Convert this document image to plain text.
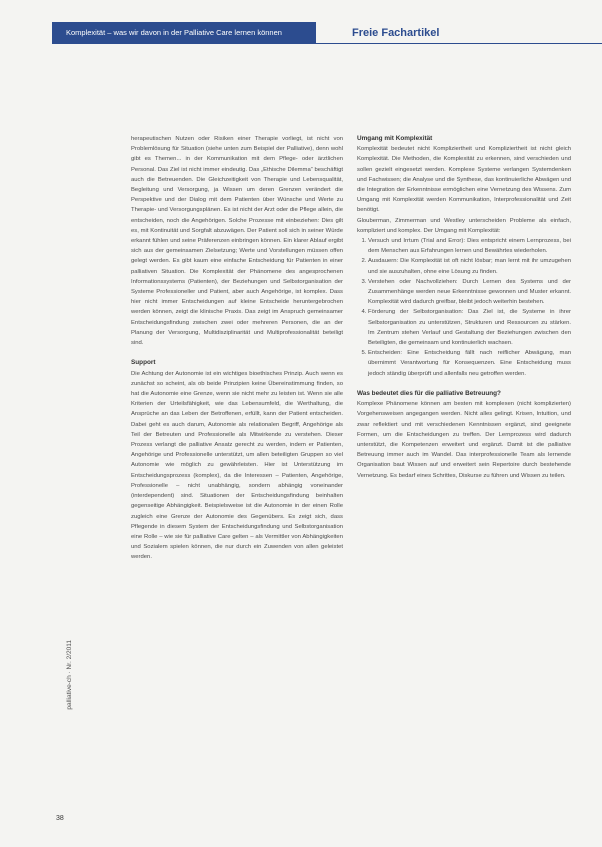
Komplexität – was wir davon in der Palliative Care lernen können	Freie Fachartikel

herapeutischen Nutzen oder Risiken einer Therapie vorliegt, ist nicht von Problemlösung für Situation (siehe unten zum Beispiel der Palliative), denn wohl gibt es Themen... in der Kommunikation mit dem Pflege- oder ärztlichen Personal. Das Ziel ist nicht immer eindeutig. Das „Ethische Dilemma“ beschäftigt auch die Betreuenden. Die Gleichzeitigkeit von Therapie und Lebensqualität, Begleitung und Versorgung, ja Wissen um deren Grenzen verändert die Perspektive und der Dialog mit dem Patienten über Wünsche und Werte zu Therapie- und Versorgungsplänen. Es ist nicht der Arzt oder die Pflege allein, die entscheiden, noch die Angehörigen. Solche Prozesse mit einbeziehen: Dies gilt es, mit Kontinuität und Sorgfalt abzuwägen. Der Patient soll sich in seiner Würde erkannt fühlen und seine Präferenzen einbringen können. Ein klarer Ablauf ergibt sich aus der gemeinsamen Zielsetzung; Werte und Vorstellungen müssen offen gelegt werden. Es gibt kaum eine einfache Entscheidung für Patienten in einer palliativen Situation. Die Komplexität der Phänomene des angesprochenen Informationssystems (Patienten), der Beziehungen und Selbstorganisation der Systeme Professioneller und Patient, aber auch Angehörige, ist komplex. Dass hier nicht immer Entscheidungen auf kleine Entscheide heruntergebrochen werden können, zeigt die klinische Praxis. Das zeigt im Anspruch gemeinsamer Entscheidungsfindung zwischen zwei oder mehreren Personen, die an der Planung der Versorgung, Multidisziplinarität und Multiprofessionalität beteiligt sind.

Support

Die Achtung der Autonomie ist ein wichtiges bioethisches Prinzip. Auch wenn es zunächst so scheint, als ob beide Prinzipien keine Übereinstimmung finden, so hat die Autonomie eine Grenze, wenn sie nicht mehr zu leisten ist. Wenn sie alle Kriterien der Urteilsfähigkeit, wie das Lebensumfeld, die Werthaltung, die Ansprüche an das Leben der Betroffenen, erfüllt, kann der Patient entscheiden. Dabei geht es auch darum, Autonomie als relationalen Begriff, Angehörige als Teil der Betreuten und Professionelle als Mitwirkende zu verstehen. Dieser Prozess verlangt die palliative Ansatz gerecht zu werden, indem er Patienten, Angehörige und Professionelle unterstützt, um allen beteiligten Gruppen so viel Autonomie wie möglich zu gewährleisten. Hier ist Unterstützung im Entscheidungsprozess (komplex), da die Interessen – Patienten, Angehörige, Professionelle – nicht unabhängig, sondern abhängig voneinander (interdependent) sind. Situationen der Entscheidungsfindung beinhalten gegenseitige Abhängigkeit. Beispielsweise ist die Autonomie in der einen Rolle zugleich eine Grenze der Autonomie des Gegenübers. Es zeigt sich, dass Pflegende in diesem System der Entscheidungsfindung und Selbstorganisation eine Rolle – wie sie für palliative Care gelten – als Vermittler von Abhängigkeiten und Sozialem spielen können, die nur durch ein Zuwenden von allen geleistet werden.

Umgang mit Komplexität

Komplexität bedeutet nicht Kompliziertheit und Kompliziertheit ist nicht gleich Komplexität. Die Methoden, die Komplexität zu erkennen, sind verschieden und sollen gezielt eingesetzt werden. Komplexe Systeme verlangen Systemdenken und Fachwissen; die Analyse und die Synthese, das kontinuierliche Abwägen und die Integration der Erkenntnisse ermöglichen eine Vernetzung des Wissens. Zum Umgang mit Komplexität werden Kommunikation, Interprofessionalität und Zeit benötigt.

Glouberman, Zimmerman und Westley unterscheiden Probleme als einfach, kompliziert und komplex. Der Umgang mit Komplexität:

1. Versuch und Irrtum (Trial and Error): Dies entspricht einem Lernprozess, bei dem Menschen aus Erfahrungen lernen und Bewährtes wiederholen.
2. Ausdauern: Die Komplexität ist oft nicht lösbar; man lernt mit ihr umzugehen und sie auszuhalten, ohne eine Lösung zu finden.
3. Verstehen oder Nachvollziehen: Durch Lernen des Systems und der Zusammenhänge werden neue Erkenntnisse gewonnen und Muster erkannt. Komplexität wird dadurch greifbar, bleibt jedoch weiterhin bestehen.
4. Förderung der Selbstorganisation: Das Ziel ist, die Systeme in ihrer Selbstorganisation zu unterstützen, Strukturen und Ressourcen zu stärken. Im Zentrum stehen Verlauf und Gestaltung der Beziehungen zwischen den Beteiligten, die gemeinsam und kontinuierlich wachsen.
5. Entscheiden: Eine Entscheidung fällt nach reiflicher Abwägung, man übernimmt Verantwortung für Konsequenzen. Eine Entscheidung muss jedoch ständig überprüft und allenfalls neu getroffen werden.
Was bedeutet dies für die palliative Betreuung?

Komplexe Phänomene können am besten mit komplexen (nicht komplizierten) Vorgehensweisen angegangen werden. Nicht alles gelingt. Krisen, Intuition, und zwar reflektiert und mit verschiedenen Kenntnissen ergänzt, sind geeignete Formen, um die Entscheidungen zu treffen. Der Lernprozess wird dadurch unterstützt, die Kompetenzen erweitert und ergänzt. Damit ist die palliative Betreuung immer auch im Wandel. Das interprofessionelle Team als lernende Organisation baut Wissen auf und erweitert sein Repertoire durch bestehende Vernetzung. Es bedarf eines Schrittes, Diskurse zu führen und Wissen zu teilen.

palliative-ch · Nr. 2/2011
38
